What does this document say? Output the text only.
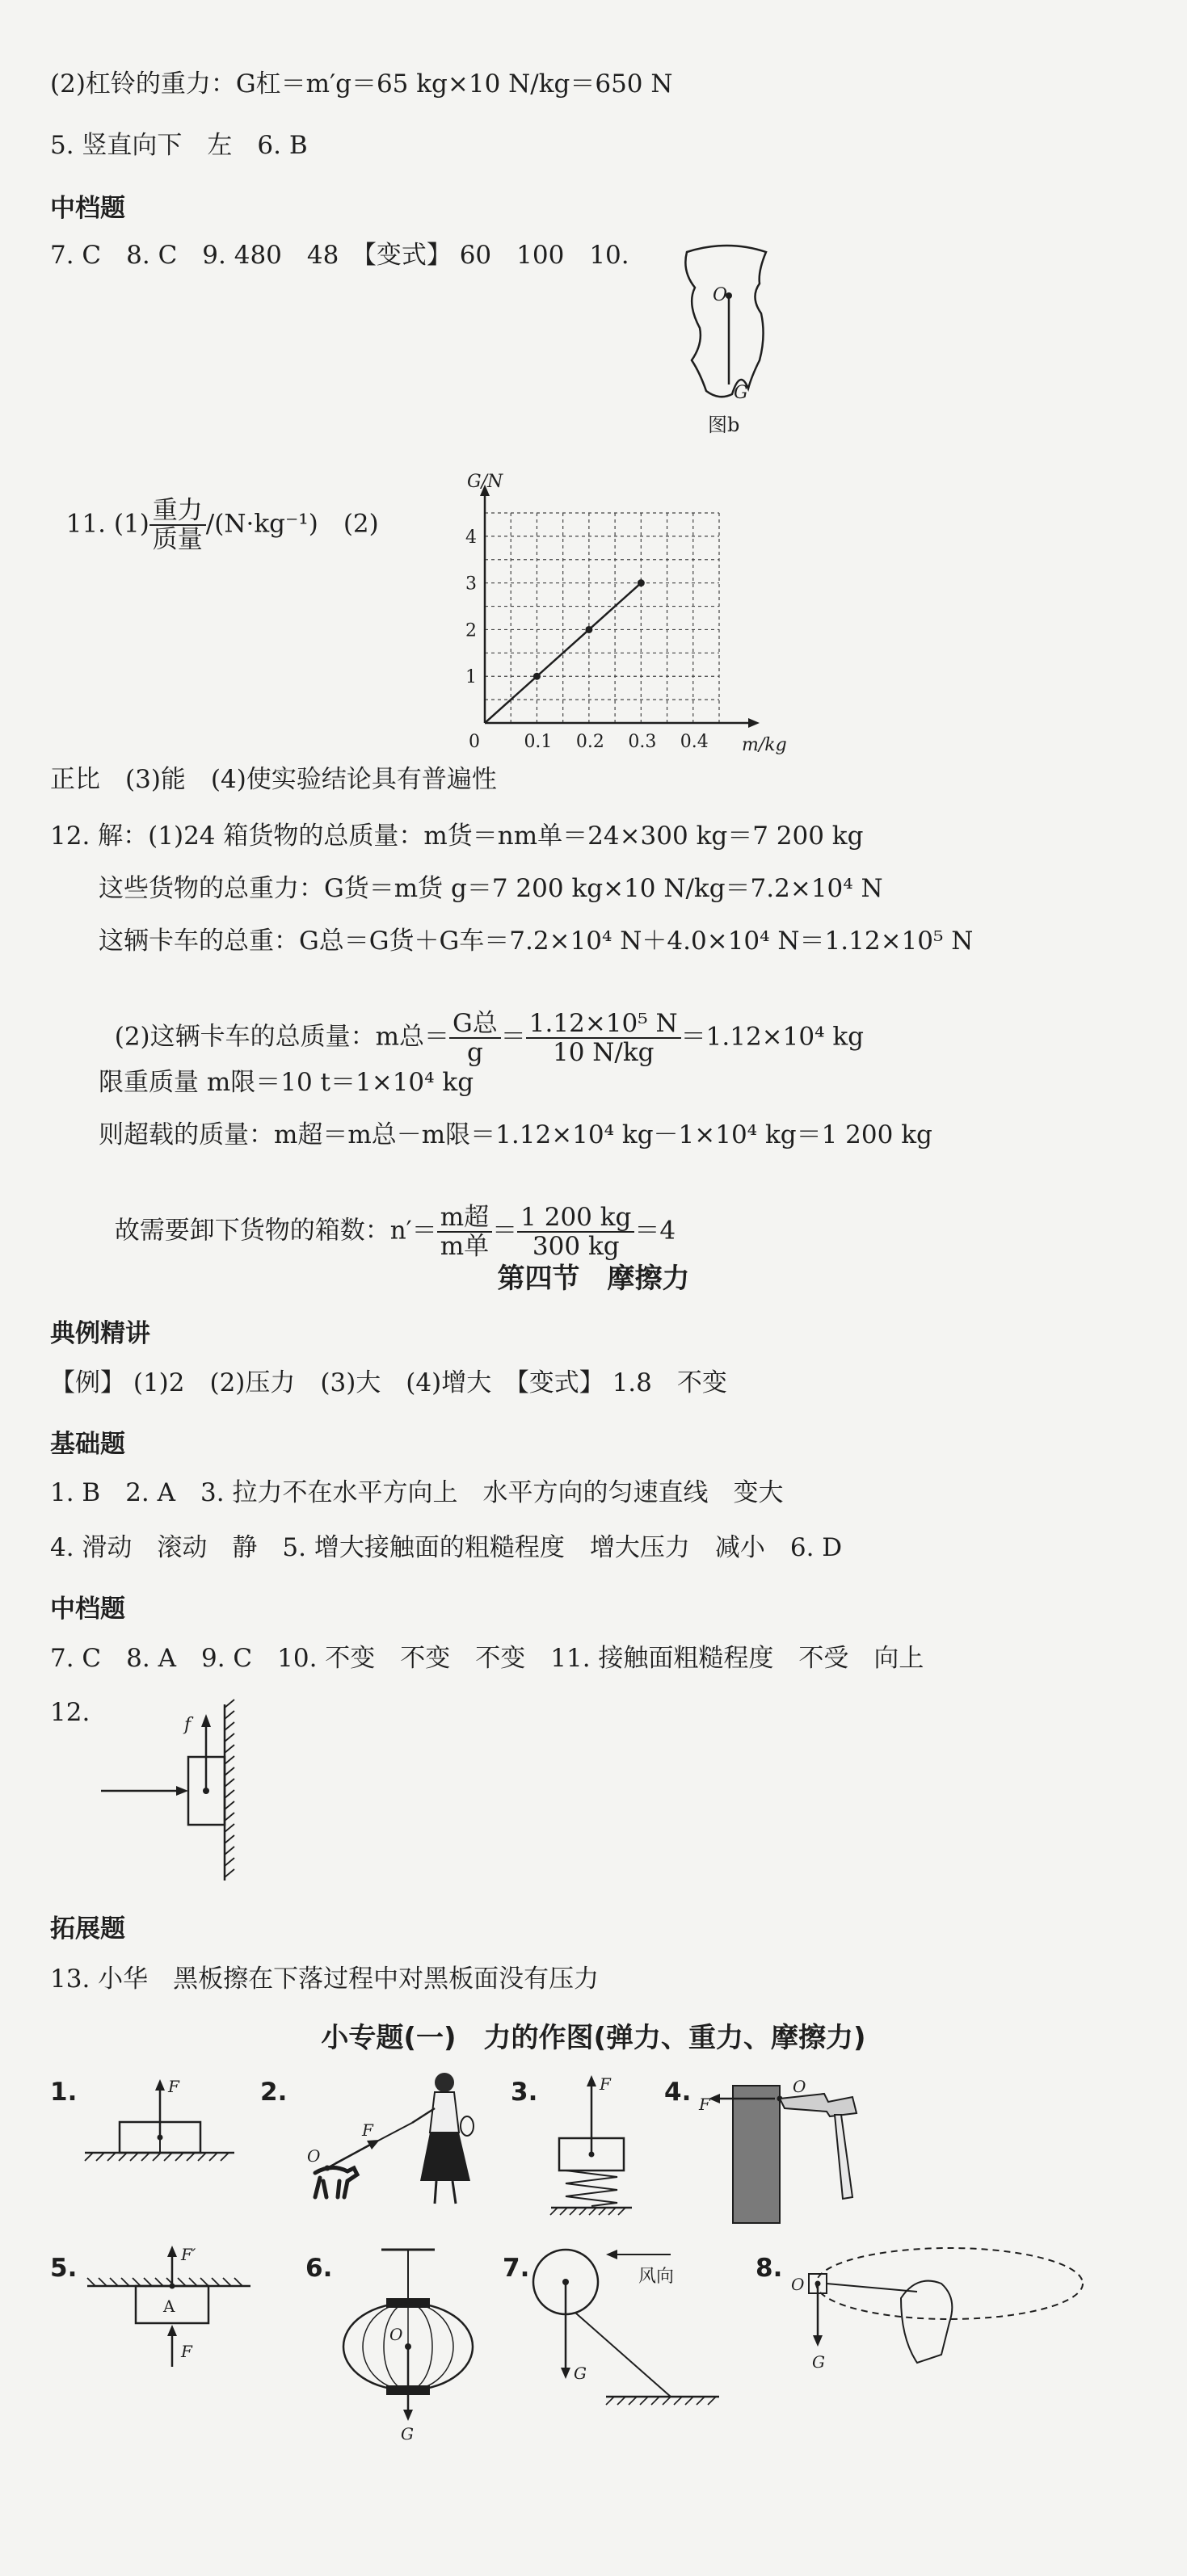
(2)杠铃的重力：G杠＝m′g＝65 kg×10 N/kg＝650 N
5. 竖直向下　左　6. B
中档题
7. C　8. C　9. 480　48　【变式】 60　100　10.
O
G
图b

11. $(1) \frac{\text{重力}}{\text{质量}} /(N\cdot kg^{-1})$　(2)

G/N
m/kg
0 0.1 0.2 0.3 0.4
1
2
3
4
正比　(3)能　(4)使实验结论具有普遍性
12. 解：(1)24 箱货物的总质量：m货＝nm单＝24×300 kg＝7 200 kg
这些货物的总重力：G货＝m货 g＝7 200 kg×10 N/kg＝7.2×10⁴ N
这辆卡车的总重：G总＝G货＋G车＝7.2×10⁴ N＋4.0×10⁴ N＝1.12×10⁵ N

(2)这辆卡车的总质量：m总＝ $\frac{\text{G总}}{g} = \frac{\text{1.12×10⁵ N}}{10 N/kg} =1.12\times 10^4$ kg

限重质量 m限＝10 t＝1×10⁴ kg
则超载的质量：m超＝m总－m限＝1.12×10⁴ kg－1×10⁴ kg＝1 200 kg

故需要卸下货物的箱数：$n'= \frac{\text{m超}}{\text{m单}} = \frac{1 200 kg}{300 kg} =4$

第四节　摩擦力
典例精讲
【例】 (1)2　(2)压力　(3)大　(4)增大　【变式】 1.8　不变
基础题
1. B　2. A　3. 拉力不在水平方向上　水平方向的匀速直线　变大
4. 滑动　滚动　静　5. 增大接触面的粗糙程度　增大压力　减小　6. D
中档题
7. C　8. A　9. C　10. 不变　不变　不变　11. 接触面粗糙程度　不受　向上
12.	f
拓展题
13. 小华　黑板擦在下落过程中对黑板面没有压力
小专题(一)　力的作图(弹力、重力、摩擦力)
1.	F	2.
F
O
3.	F 4. F
O
5.
A
F′
F
6.
O
G
7.
G
风向	8.
O
G
